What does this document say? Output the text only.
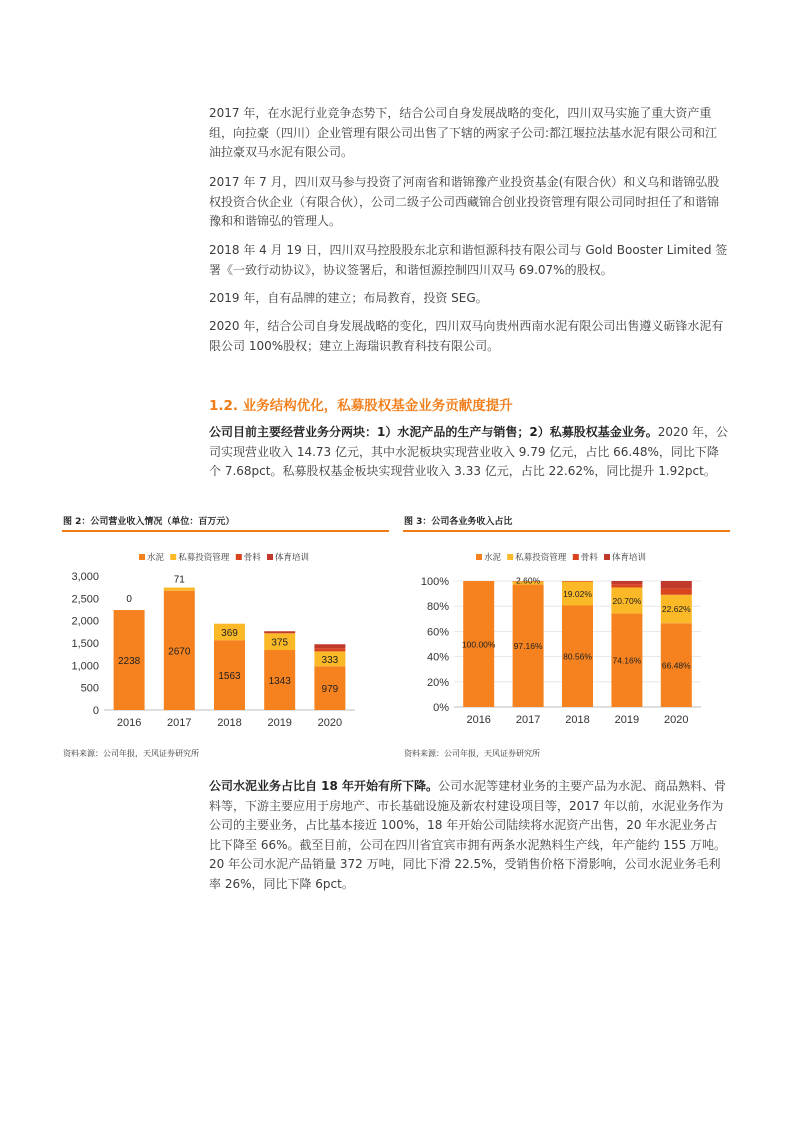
2017 年，在水泥行业竞争态势下，结合公司自身发展战略的变化，四川双马实施了重大资产重组，向拉豪（四川）企业管理有限公司出售了下辖的两家子公司:都江堰拉法基水泥有限公司和江油拉豪双马水泥有限公司。

2017 年 7 月，四川双马参与投资了河南省和谐锦豫产业投资基金(有限合伙）和义乌和谐锦弘股权投资合伙企业（有限合伙），公司二级子公司西藏锦合创业投资管理有限公司同时担任了和谐锦豫和和谐锦弘的管理人。

2018 年 4 月 19 日，四川双马控股股东北京和谐恒源科技有限公司与 Gold Booster Limited 签署《一致行动协议》，协议签署后，和谐恒源控制四川双马 69.07%的股权。

2019 年，自有品牌的建立；布局教育，投资 SEG。

2020 年，结合公司自身发展战略的变化，四川双马向贵州西南水泥有限公司出售遵义砺锋水泥有限公司 100%股权；建立上海瑞识教育科技有限公司。

1.2. 业务结构优化，私募股权基金业务贡献度提升

公司目前主要经营业务分两块：1）水泥产品的生产与销售；2）私募股权基金业务。2020 年，公司实现营业收入 14.73 亿元，其中水泥板块实现营业收入 9.79 亿元，占比 66.48%，同比下降个 7.68pct。私募股权基金板块实现营业收入 3.33 亿元，占比 22.62%，同比提升 1.92pct。

图 2：公司营业收入情况（单位：百万元）
水泥 私募投资管理 骨料 体育培训
0
500
1,000
1,500
2,000
2,500
3,000
2016
2238
0
2017
2670
71
2018
1563
369
2019
1343
375
2020
979
333
资料来源：公司年报，天风证券研究所
图 3：公司各业务收入占比
水泥 私募投资管理 骨料 体育培训
0%
20%
40%
60%
80%
100%
2016
100.00%
2017
97.16%
2.60%
2018
80.56%
19.02%
2019
74.16%
20.70%
2020
66.48%
22.62%
资料来源：公司年报，天风证券研究所

公司水泥业务占比自 18 年开始有所下降。公司水泥等建材业务的主要产品为水泥、商品熟料、骨料等，下游主要应用于房地产、市长基础设施及新农村建设项目等，2017 年以前，水泥业务作为公司的主要业务，占比基本接近 100%，18 年开始公司陆续将水泥资产出售，20 年水泥业务占比下降至 66%。截至目前，公司在四川省宜宾市拥有两条水泥熟料生产线，年产能约 155 万吨。20 年公司水泥产品销量 372 万吨，同比下滑 22.5%，受销售价格下滑影响，公司水泥业务毛利率 26%，同比下降 6pct。
